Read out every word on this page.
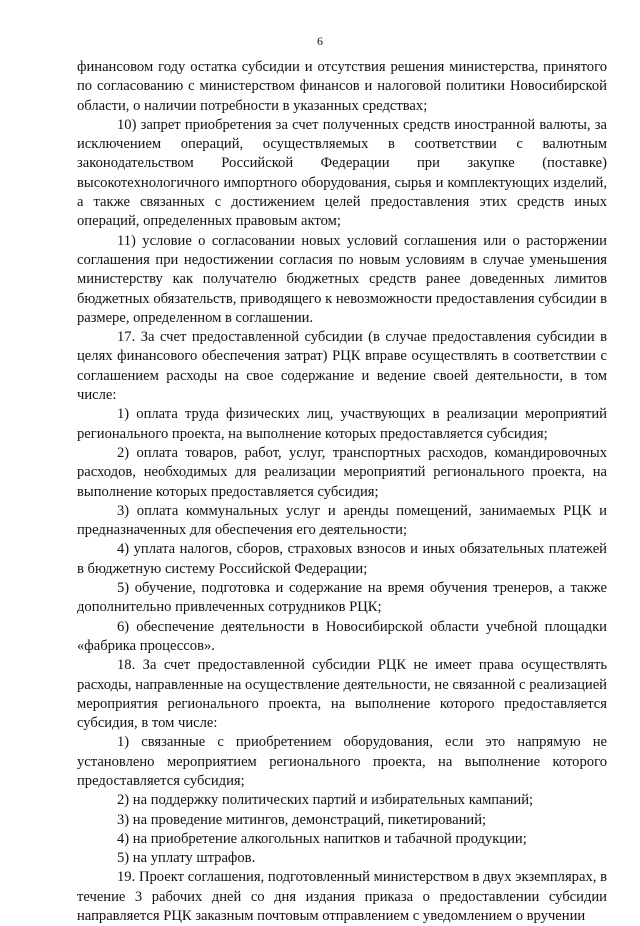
6

финансовом году остатка субсидии и отсутствия решения министерства, принятого по согласованию с министерством финансов и налоговой политики Новосибирской области, о наличии потребности в указанных средствах;

10) запрет приобретения за счет полученных средств иностранной валюты, за исключением операций, осуществляемых в соответствии с валютным законодательством Российской Федерации при закупке (поставке) высокотехнологичного импортного оборудования, сырья и комплектующих изделий, а также связанных с достижением целей предоставления этих средств иных операций, определенных правовым актом;

11) условие о согласовании новых условий соглашения или о расторжении соглашения при недостижении согласия по новым условиям в случае уменьшения министерству как получателю бюджетных средств ранее доведенных лимитов бюджетных обязательств, приводящего к невозможности предоставления субсидии в размере, определенном в соглашении.

17. За счет предоставленной субсидии (в случае предоставления субсидии в целях финансового обеспечения затрат) РЦК вправе осуществлять в соответствии с соглашением расходы на свое содержание и ведение своей деятельности, в том числе:

1) оплата труда физических лиц, участвующих в реализации мероприятий регионального проекта, на выполнение которых предоставляется субсидия;

2) оплата товаров, работ, услуг, транспортных расходов, командировочных расходов, необходимых для реализации мероприятий регионального проекта, на выполнение которых предоставляется субсидия;

3) оплата коммунальных услуг и аренды помещений, занимаемых РЦК и предназначенных для обеспечения его деятельности;

4) уплата налогов, сборов, страховых взносов и иных обязательных платежей в бюджетную систему Российской Федерации;

5) обучение, подготовка и содержание на время обучения тренеров, а также дополнительно привлеченных сотрудников РЦК;

6) обеспечение деятельности в Новосибирской области учебной площадки «фабрика процессов».

18. За счет предоставленной субсидии РЦК не имеет права осуществлять расходы, направленные на осуществление деятельности, не связанной с реализацией мероприятия регионального проекта, на выполнение которого предоставляется субсидия, в том числе:

1) связанные с приобретением оборудования, если это напрямую не установлено мероприятием регионального проекта, на выполнение которого предоставляется субсидия;

2) на поддержку политических партий и избирательных кампаний;

3) на проведение митингов, демонстраций, пикетирований;

4) на приобретение алкогольных напитков и табачной продукции;

5) на уплату штрафов.

19. Проект соглашения, подготовленный министерством в двух экземплярах, в течение 3 рабочих дней со дня издания приказа о предоставлении субсидии направляется РЦК заказным почтовым отправлением с уведомлением о вручении
